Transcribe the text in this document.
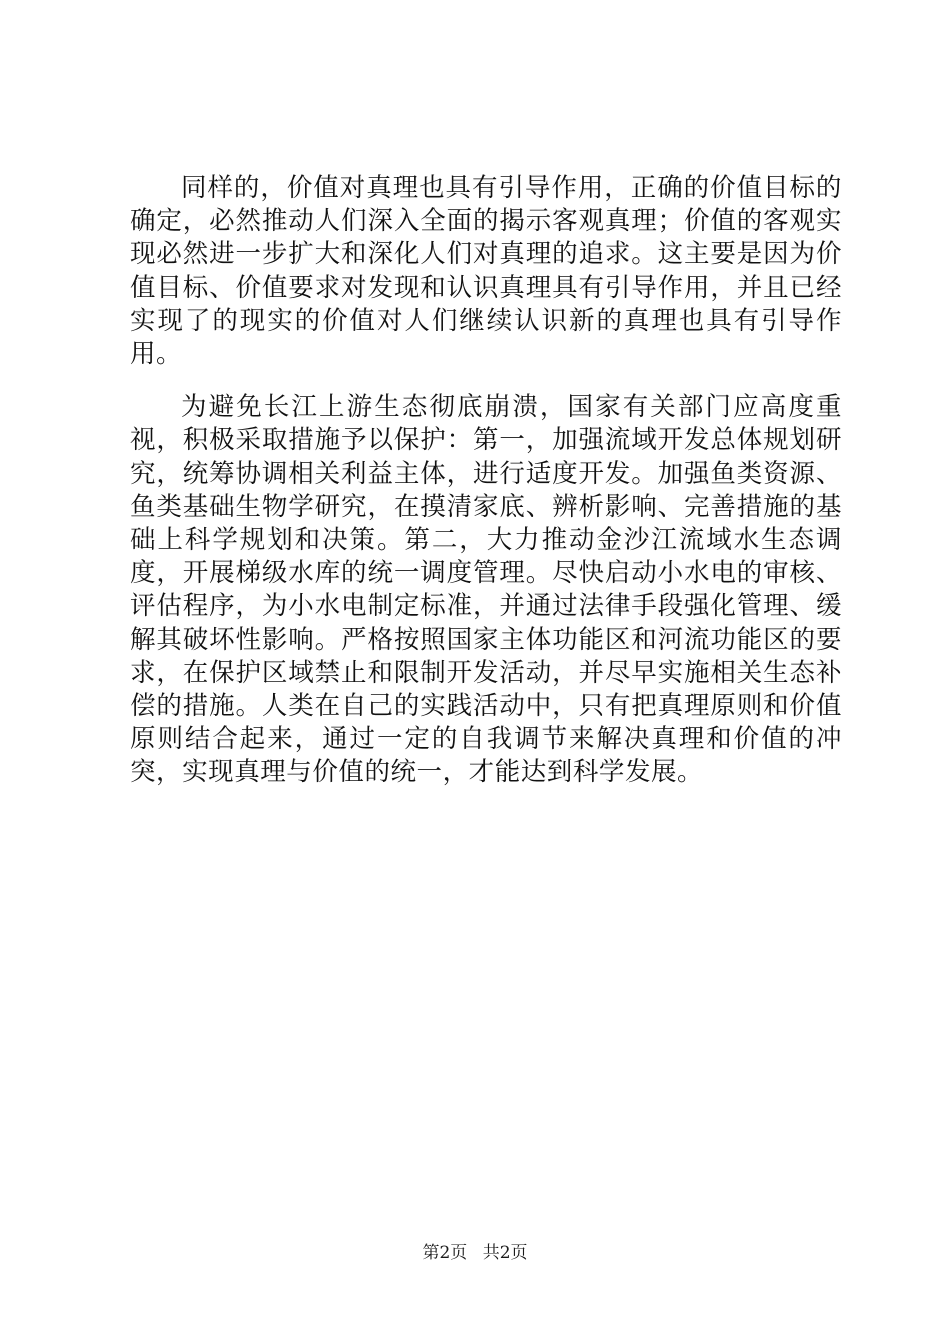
同样的，价值对真理也具有引导作用，正确的价值目标的确定，必然推动人们深入全面的揭示客观真理；价值的客观实现必然进一步扩大和深化人们对真理的追求。这主要是因为价值目标、价值要求对发现和认识真理具有引导作用，并且已经实现了的现实的价值对人们继续认识新的真理也具有引导作用。

为避免长江上游生态彻底崩溃，国家有关部门应高度重视，积极采取措施予以保护：第一，加强流域开发总体规划研究，统筹协调相关利益主体，进行适度开发。加强鱼类资源、鱼类基础生物学研究，在摸清家底、辨析影响、完善措施的基础上科学规划和决策。第二，大力推动金沙江流域水生态调度，开展梯级水库的统一调度管理。尽快启动小水电的审核、评估程序，为小水电制定标准，并通过法律手段强化管理、缓解其破坏性影响。严格按照国家主体功能区和河流功能区的要求，在保护区域禁止和限制开发活动，并尽早实施相关生态补偿的措施。人类在自己的实践活动中，只有把真理原则和价值原则结合起来，通过一定的自我调节来解决真理和价值的冲突，实现真理与价值的统一，才能达到科学发展。

第2页 共2页
